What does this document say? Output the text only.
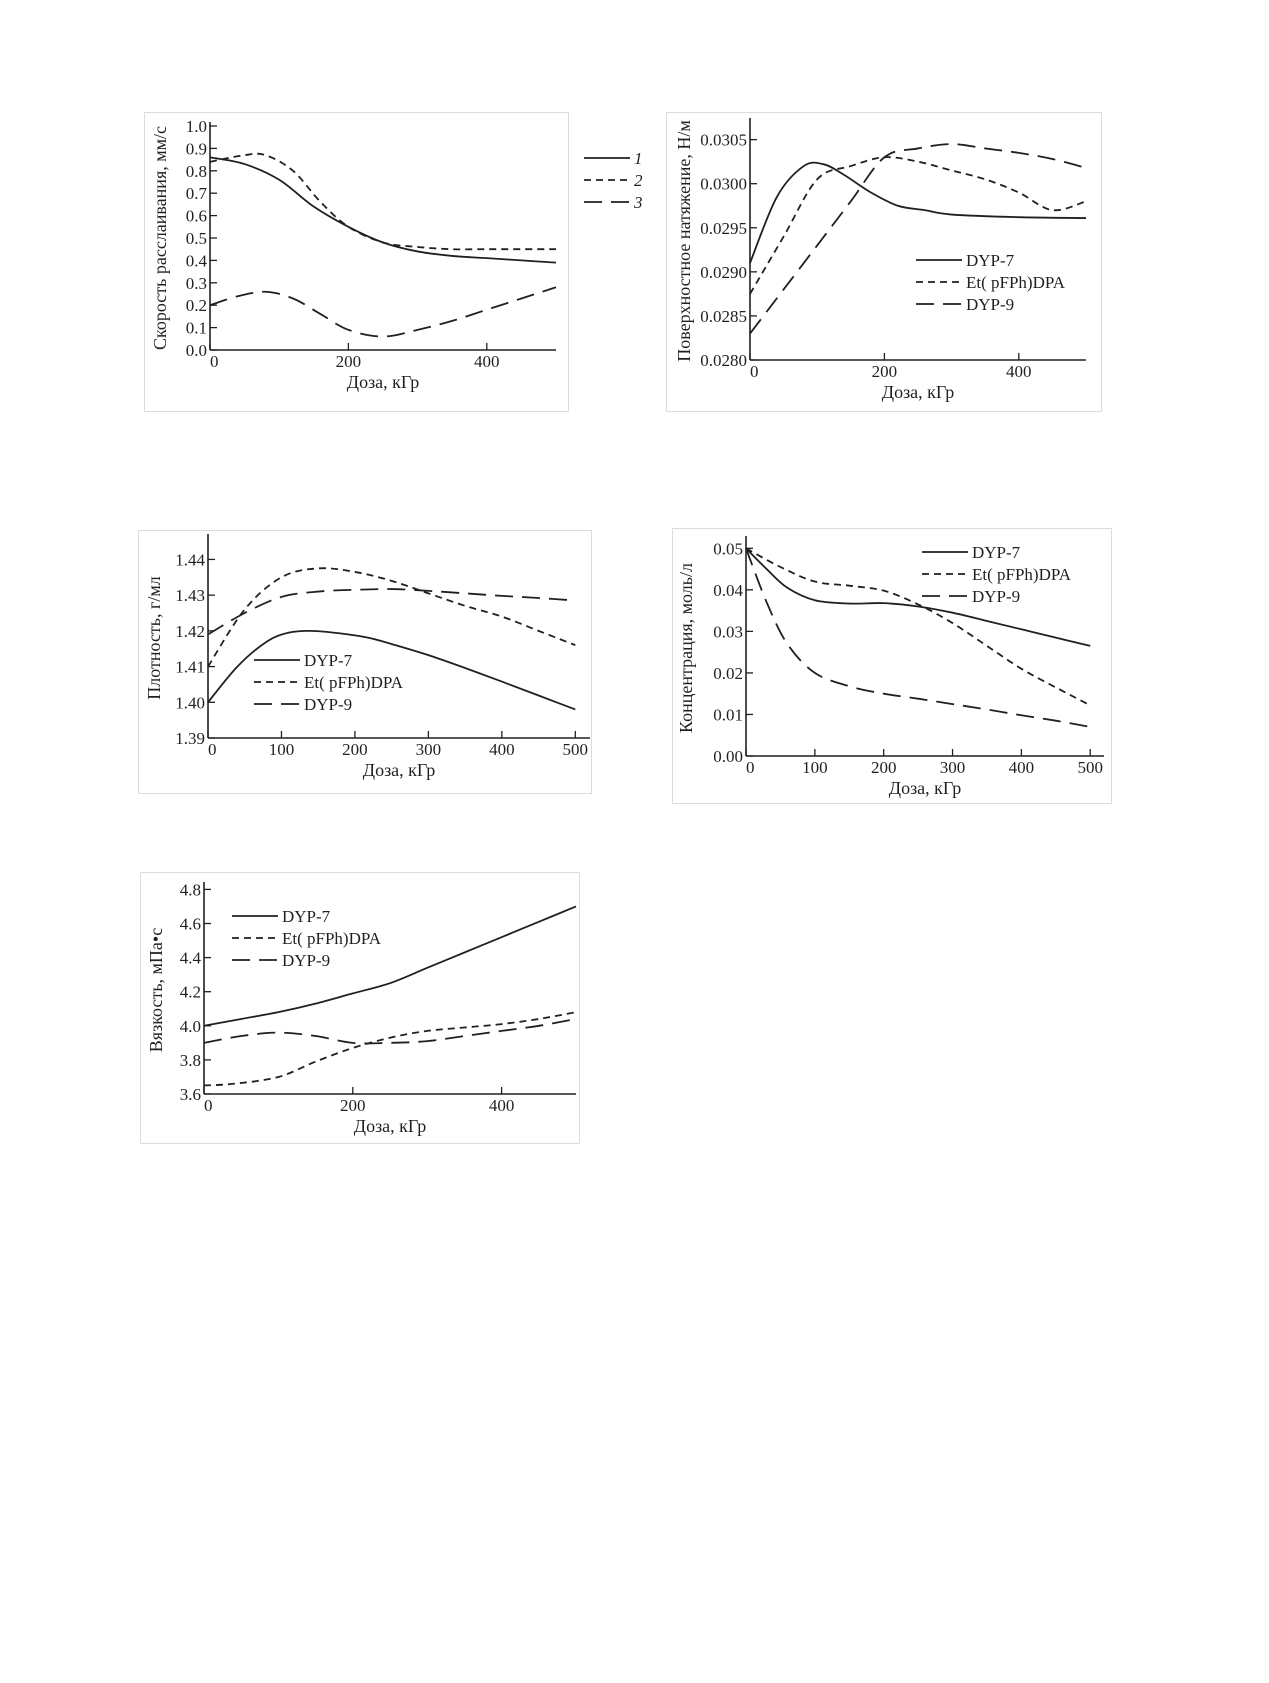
0.0
0.1
0.2
0.3
0.4
0.5
0.6
0.7
0.8
0.9
1.0
0	200	400
Доза, кГр
Скорость расслаивания, мм/с	1
2
3
0.0280
0.0285
0.0290
0.0295
0.0300
0.0305
0	200	400
Доза, кГр
Поверхностное натяжение, Н/м	DYP-7
Et( pFPh)DPA
DYP-9
1.39
1.40
1.41
1.42
1.43
1.44
0	100	200	300	400	500
Доза, кГр
Плотность, г/мл	DYP-7
Et( pFPh)DPA
DYP-9
0.00
0.01
0.02
0.03
0.04
0.05
0	100	200	300	400	500
Доза, кГр
Концентрация, моль/л
DYP-7
Et( pFPh)DPA
DYP-9
3.6
3.8
4.0
4.2
4.4
4.6
4.8
0	200	400
Доза, кГр
Вязкость, мПа•с
DYP-7
Et( pFPh)DPA
DYP-9
